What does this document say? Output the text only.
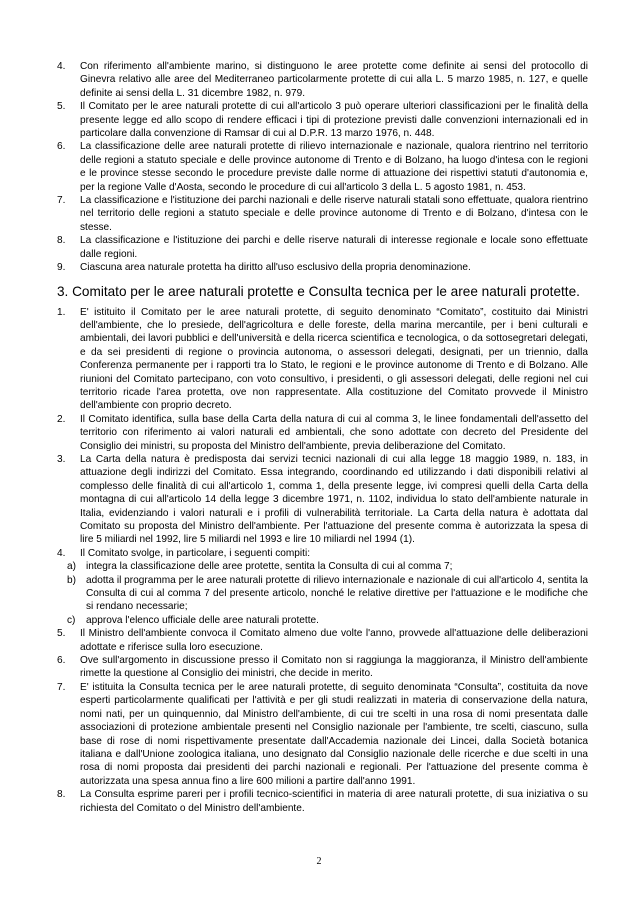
4.	Con riferimento all'ambiente marino, si distinguono le aree protette come definite ai sensi del protocollo di Ginevra relativo alle aree del Mediterraneo particolarmente protette di cui alla L. 5 marzo 1985, n. 127, e quelle definite ai sensi della L. 31 dicembre 1982, n. 979.
5.	Il Comitato per le aree naturali protette di cui all'articolo 3 può operare ulteriori classificazioni per le finalità della presente legge ed allo scopo di rendere efficaci i tipi di protezione previsti dalle convenzioni internazionali ed in particolare dalla convenzione di Ramsar di cui al D.P.R. 13 marzo 1976, n. 448.
6.	La classificazione delle aree naturali protette di rilievo internazionale e nazionale, qualora rientrino nel territorio delle regioni a statuto speciale e delle province autonome di Trento e di Bolzano, ha luogo d'intesa con le regioni e le province stesse secondo le procedure previste dalle norme di attuazione dei rispettivi statuti d'autonomia e, per la regione Valle d'Aosta, secondo le procedure di cui all'articolo 3 della L. 5 agosto 1981, n. 453.
7.	La classificazione e l'istituzione dei parchi nazionali e delle riserve naturali statali sono effettuate, qualora rientrino nel territorio delle regioni a statuto speciale e delle province autonome di Trento e di Bolzano, d'intesa con le stesse.
8.	La classificazione e l'istituzione dei parchi e delle riserve naturali di interesse regionale e locale sono effettuate dalle regioni.
9.	Ciascuna area naturale protetta ha diritto all'uso esclusivo della propria denominazione.
3. Comitato per le aree naturali protette e Consulta tecnica per le aree naturali protette.
1.	E' istituito il Comitato per le aree naturali protette, di seguito denominato “Comitato”, costituito dai Ministri dell'ambiente, che lo presiede, dell'agricoltura e delle foreste, della marina mercantile, per i beni culturali e ambientali, dei lavori pubblici e dell'università e della ricerca scientifica e tecnologica, o da sottosegretari delegati, e da sei presidenti di regione o provincia autonoma, o assessori delegati, designati, per un triennio, dalla Conferenza permanente per i rapporti tra lo Stato, le regioni e le province autonome di Trento e di Bolzano. Alle riunioni del Comitato partecipano, con voto consultivo, i presidenti, o gli assessori delegati, delle regioni nel cui territorio ricade l'area protetta, ove non rappresentate. Alla costituzione del Comitato provvede il Ministro dell'ambiente con proprio decreto.
2.	Il Comitato identifica, sulla base della Carta della natura di cui al comma 3, le linee fondamentali dell'assetto del territorio con riferimento ai valori naturali ed ambientali, che sono adottate con decreto del Presidente del Consiglio dei ministri, su proposta del Ministro dell'ambiente, previa deliberazione del Comitato.
3.	La Carta della natura è predisposta dai servizi tecnici nazionali di cui alla legge 18 maggio 1989, n. 183, in attuazione degli indirizzi del Comitato. Essa integrando, coordinando ed utilizzando i dati disponibili relativi al complesso delle finalità di cui all'articolo 1, comma 1, della presente legge, ivi compresi quelli della Carta della montagna di cui all'articolo 14 della legge 3 dicembre 1971, n. 1102, individua lo stato dell'ambiente naturale in Italia, evidenziando i valori naturali e i profili di vulnerabilità territoriale. La Carta della natura è adottata dal Comitato su proposta del Ministro dell'ambiente. Per l'attuazione del presente comma è autorizzata la spesa di lire 5 miliardi nel 1992, lire 5 miliardi nel 1993 e lire 10 miliardi nel 1994 (1).
4.	Il Comitato svolge, in particolare, i seguenti compiti:
a) integra la classificazione delle aree protette, sentita la Consulta di cui al comma 7;
b) adotta il programma per le aree naturali protette di rilievo internazionale e nazionale di cui all'articolo 4, sentita la Consulta di cui al comma 7 del presente articolo, nonché le relative direttive per l'attuazione e le modifiche che si rendano necessarie;
c)	approva l'elenco ufficiale delle aree naturali protette.
5.	Il Ministro dell'ambiente convoca il Comitato almeno due volte l'anno, provvede all'attuazione delle deliberazioni adottate e riferisce sulla loro esecuzione.
6.	Ove sull'argomento in discussione presso il Comitato non si raggiunga la maggioranza, il Ministro dell'ambiente rimette la questione al Consiglio dei ministri, che decide in merito.
7.	E' istituita la Consulta tecnica per le aree naturali protette, di seguito denominata “Consulta”, costituita da nove esperti particolarmente qualificati per l'attività e per gli studi realizzati in materia di conservazione della natura, nomi nati, per un quinquennio, dal Ministro dell'ambiente, di cui tre scelti in una rosa di nomi presentata dalle associazioni di protezione ambientale presenti nel Consiglio nazionale per l'ambiente, tre scelti, ciascuno, sulla base di rose di nomi rispettivamente presentate dall'Accademia nazionale dei Lincei, dalla Società botanica italiana e dall'Unione zoologica italiana, uno designato dal Consiglio nazionale delle ricerche e due scelti in una rosa di nomi proposta dai presidenti dei parchi nazionali e regionali. Per l'attuazione del presente comma è autorizzata una spesa annua fino a lire 600 milioni a partire dall'anno 1991.
8.	La Consulta esprime pareri per i profili tecnico-scientifici in materia di aree naturali protette, di sua iniziativa o su richiesta del Comitato o del Ministro dell'ambiente.
2
